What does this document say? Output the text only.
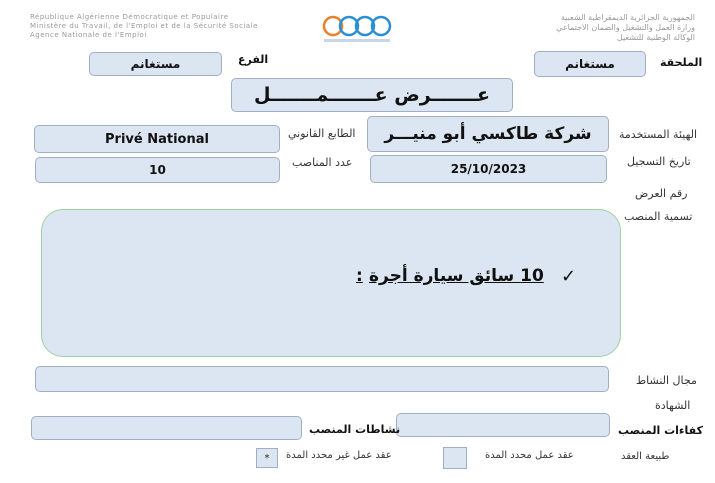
République Algérienne Démocratique et Populaire
Ministère du Travail, de l'Emploi et de la Sécurité Sociale
Agence Nationale de l'Emploi
الجمهورية الجزائرية الديمقراطية الشعبية
وزارة العمل والتشغيل والضمان الاجتماعي
الوكالة الوطنية للتشغيل
الملحقة
مستغانم
الفرع
مستغانم
عـــــــرض عـــــــمـــــــل
الهيئة المستخدمة
شركة طاكسي أبو منيـــر
الطابع القانوني
Privé National
تاريخ التسجيل
25/10/2023
عدد المناصب
10
رقم العرض
تسمية المنصب
✓
10 سائق سيارة أجرة
:
مجال النشاط
الشهادة
كفاءات المنصب
نشاطات المنصب
طبيعة العقد
عقد عمل محدد المدة
عقد عمل غير محدد المدة
*
